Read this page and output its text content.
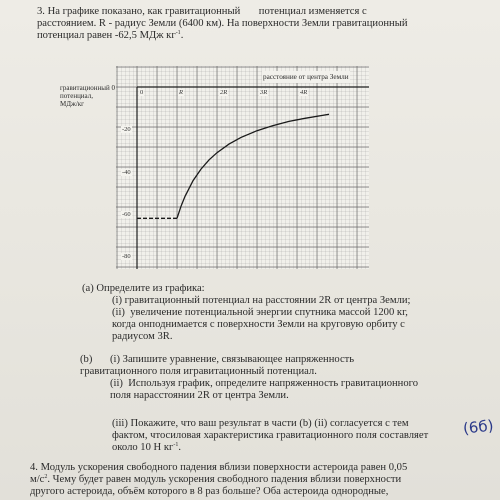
3. На графике показано, как гравитационный       потенциал изменяется с

расстоянием. R - радиус Земли (6400 км). На поверхности Земли гравитационный

потенциал равен -62,5 МДж $кг^{-1}$.

гравитационный 0

потенциал,

МДж/кг

расстояние от центра Земли
0	R	2R	3R	4R
-20
-40
-60
-80

(a) Определите из графика:

(i) гравитационный потенциал на расстоянии 2R от центра Земли;

(ii)  увеличение потенциальной энергии спутника массой 1200 кг,

когда онподнимается с поверхности Земли на круговую орбиту с

радиусом 3R.

(b) (i) Запишите уравнение, связывающее напряженность

гравитационного поля игравитационный потенциал.

(ii)  Используя график, определите напряженность гравитационного

поля нарасстоянии 2R от центра Земли.

(iii) Покажите, что ваш результат в части (b) (ii) согласуется с тем

фактом, чтосиловая характеристика гравитационного поля составляет

около 10 Н $кг^{-1}$.

(6б)

4. Модуль ускорения свободного падения вблизи поверхности астероида равен 0,05

$м/с^2$. Чему будет равен модуль ускорения свободного падения вблизи поверхности

другого астероида, объём которого в 8 раз больше? Оба астероида однородные,
